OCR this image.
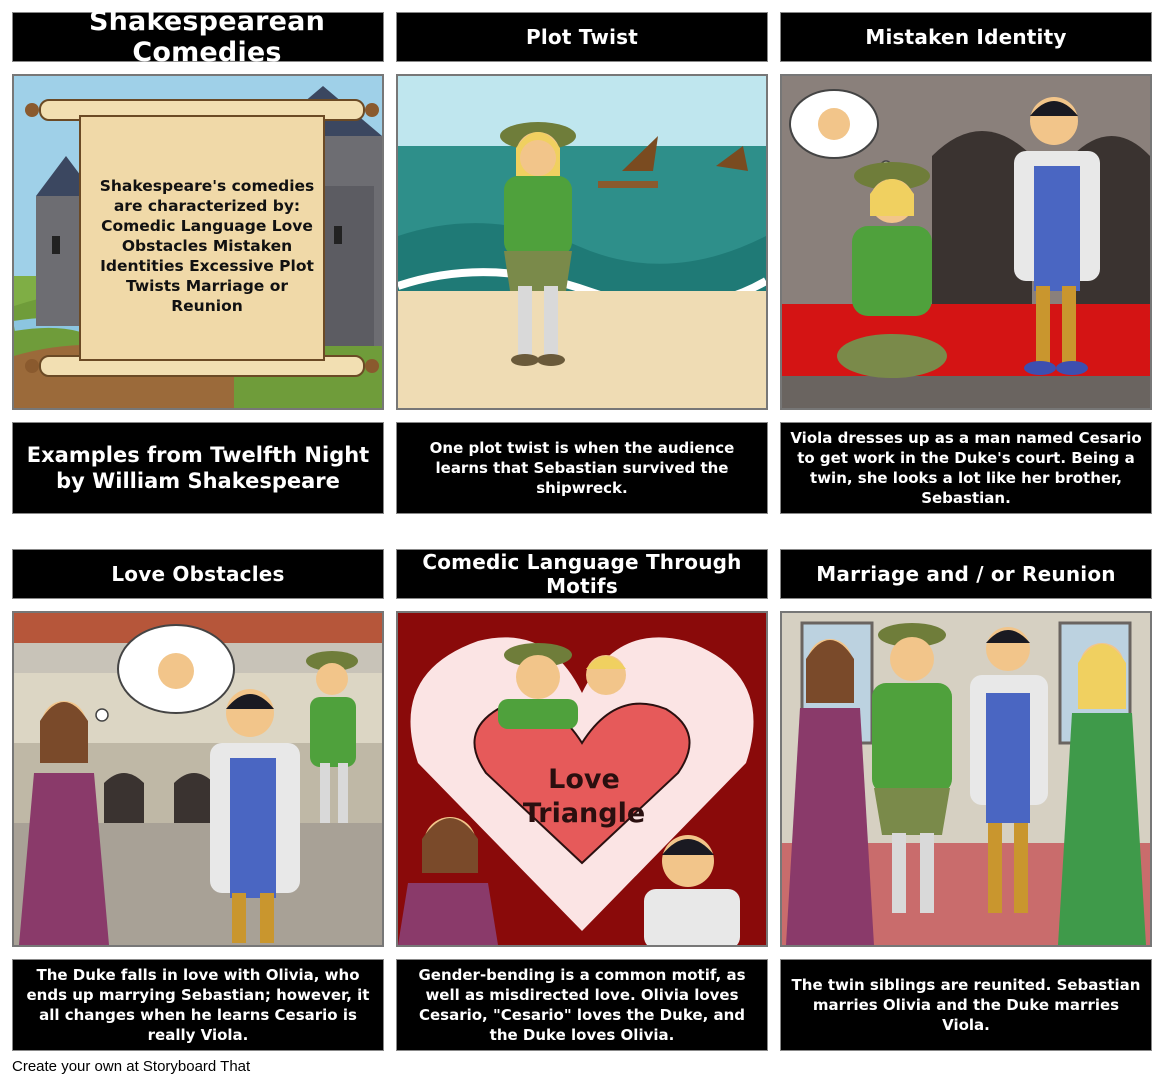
Shakespearean Comedies
Shakespeare's comedies are characterized by: Comedic Language Love Obstacles Mistaken Identities Excessive Plot Twists Marriage or Reunion
Examples from Twelfth Night by William Shakespeare
Plot Twist
One plot twist is when the audience learns that Sebastian survived the shipwreck.
Mistaken Identity
Viola dresses up as a man named Cesario to get work in the Duke's court. Being a twin, she looks a lot like her brother, Sebastian.
Love Obstacles
The Duke falls in love with Olivia, who ends up marrying Sebastian; however, it all changes when he learns Cesario is really Viola.
Comedic Language Through Motifs
Love Triangle
Gender-bending is a common motif, as well as misdirected love. Olivia loves Cesario, "Cesario" loves the Duke, and the Duke loves Olivia.
Marriage and / or Reunion
The twin siblings are reunited. Sebastian marries Olivia and the Duke marries Viola.
Create your own at Storyboard That
